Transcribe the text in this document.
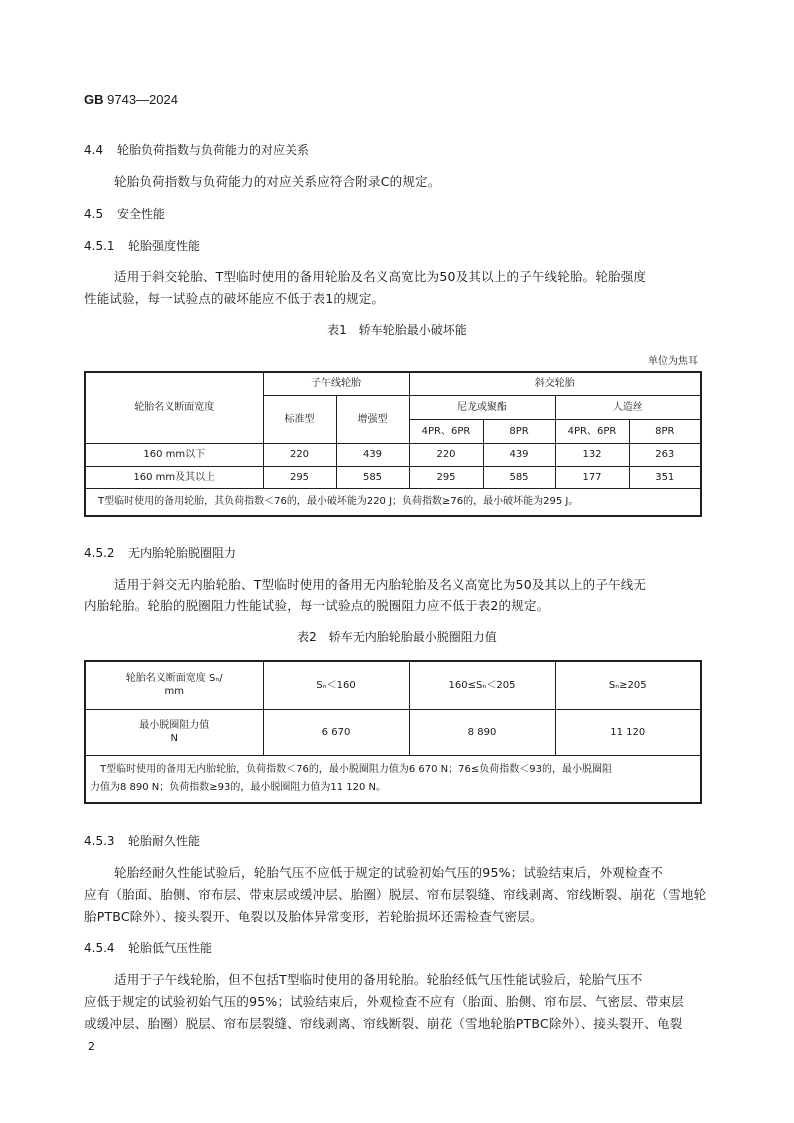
GB 9743—2024
4.4 轮胎负荷指数与负荷能力的对应关系
轮胎负荷指数与负荷能力的对应关系应符合附录C的规定。
4.5 安全性能
4.5.1 轮胎强度性能
适用于斜交轮胎、T型临时使用的备用轮胎及名义高宽比为50及其以上的子午线轮胎。轮胎强度
性能试验，每一试验点的破坏能应不低于表1的规定。
表1　轿车轮胎最小破坏能
单位为焦耳
轮胎名义断面宽度	子午线轮胎		斜交轮胎			
	标准型	增强型	尼龙或聚酯		人造丝	
			4PR、6PR	8PR	4PR、6PR	8PR
160 mm以下	220	439	220	439	132	263
160 mm及其以上	295	585	295	585	177	351
T型临时使用的备用轮胎，其负荷指数＜76的，最小破坏能为220 J；负荷指数≥76的，最小破坏能为295 J。						
4.5.2 无内胎轮胎脱圈阻力
适用于斜交无内胎轮胎、T型临时使用的备用无内胎轮胎及名义高宽比为50及其以上的子午线无
内胎轮胎。轮胎的脱圈阻力性能试验，每一试验点的脱圈阻力应不低于表2的规定。
表2　轿车无内胎轮胎最小脱圈阻力值
轮胎名义断面宽度 Sₙ/
mm	Sₙ＜160	160≤Sₙ＜205	Sₙ≥205

最小脱圈阻力值
N	6 670	8 890	11 120

T型临时使用的备用无内胎轮胎，负荷指数＜76的，最小脱圈阻力值为6 670 N；76≤负荷指数＜93的，最小脱圈阻
力值为8 890 N；负荷指数≥93的，最小脱圈阻力值为11 120 N。			
4.5.3 轮胎耐久性能
轮胎经耐久性能试验后，轮胎气压不应低于规定的试验初始气压的95%；试验结束后，外观检查不
应有（胎面、胎侧、帘布层、带束层或缓冲层、胎圈）脱层、帘布层裂缝、帘线剥离、帘线断裂、崩花（雪地轮
胎PTBC除外）、接头裂开、龟裂以及胎体异常变形，若轮胎损坏还需检查气密层。
4.5.4 轮胎低气压性能
适用于子午线轮胎，但不包括T型临时使用的备用轮胎。轮胎经低气压性能试验后，轮胎气压不
应低于规定的试验初始气压的95%；试验结束后，外观检查不应有（胎面、胎侧、帘布层、气密层、带束层
或缓冲层、胎圈）脱层、帘布层裂缝、帘线剥离、帘线断裂、崩花（雪地轮胎PTBC除外）、接头裂开、龟裂
2
